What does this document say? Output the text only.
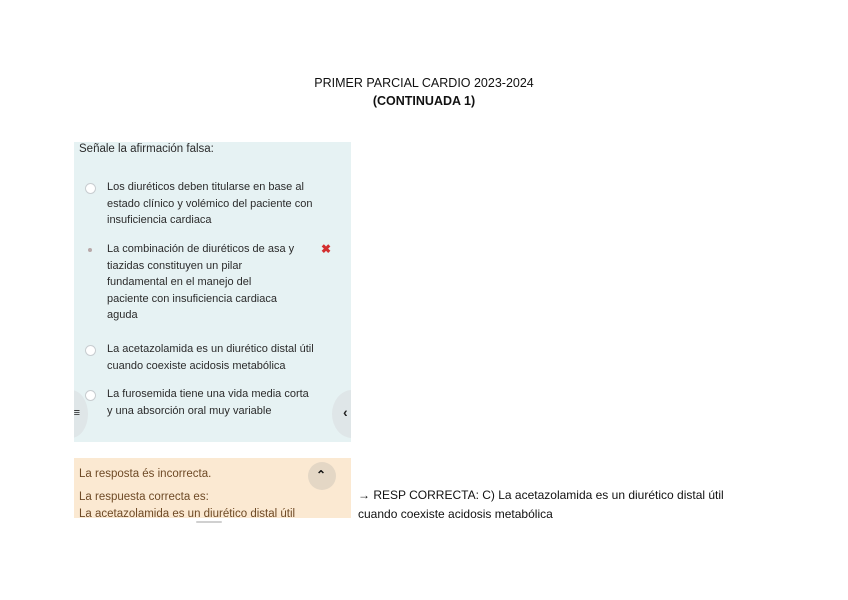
PRIMER PARCIAL CARDIO 2023-2024
(CONTINUADA 1)
Señale la afirmación falsa:
Los diuréticos deben titularse en base al
estado clínico y volémico del paciente con
insuficiencia cardiaca
La combinación de diuréticos de asa y
tiazidas constituyen un pilar
fundamental en el manejo del
paciente con insuficiencia cardiaca
aguda
✖
La acetazolamida es un diurético distal útil
cuando coexiste acidosis metabólica
La furosemida tiene una vida media corta
y una absorción oral muy variable
≡	‹
La resposta és incorrecta.
La respuesta correcta es:
La acetazolamida es un diurético distal útil
⌃
→ RESP CORRECTA: C) La acetazolamida es un diurético distal útil
cuando coexiste acidosis metabólica
